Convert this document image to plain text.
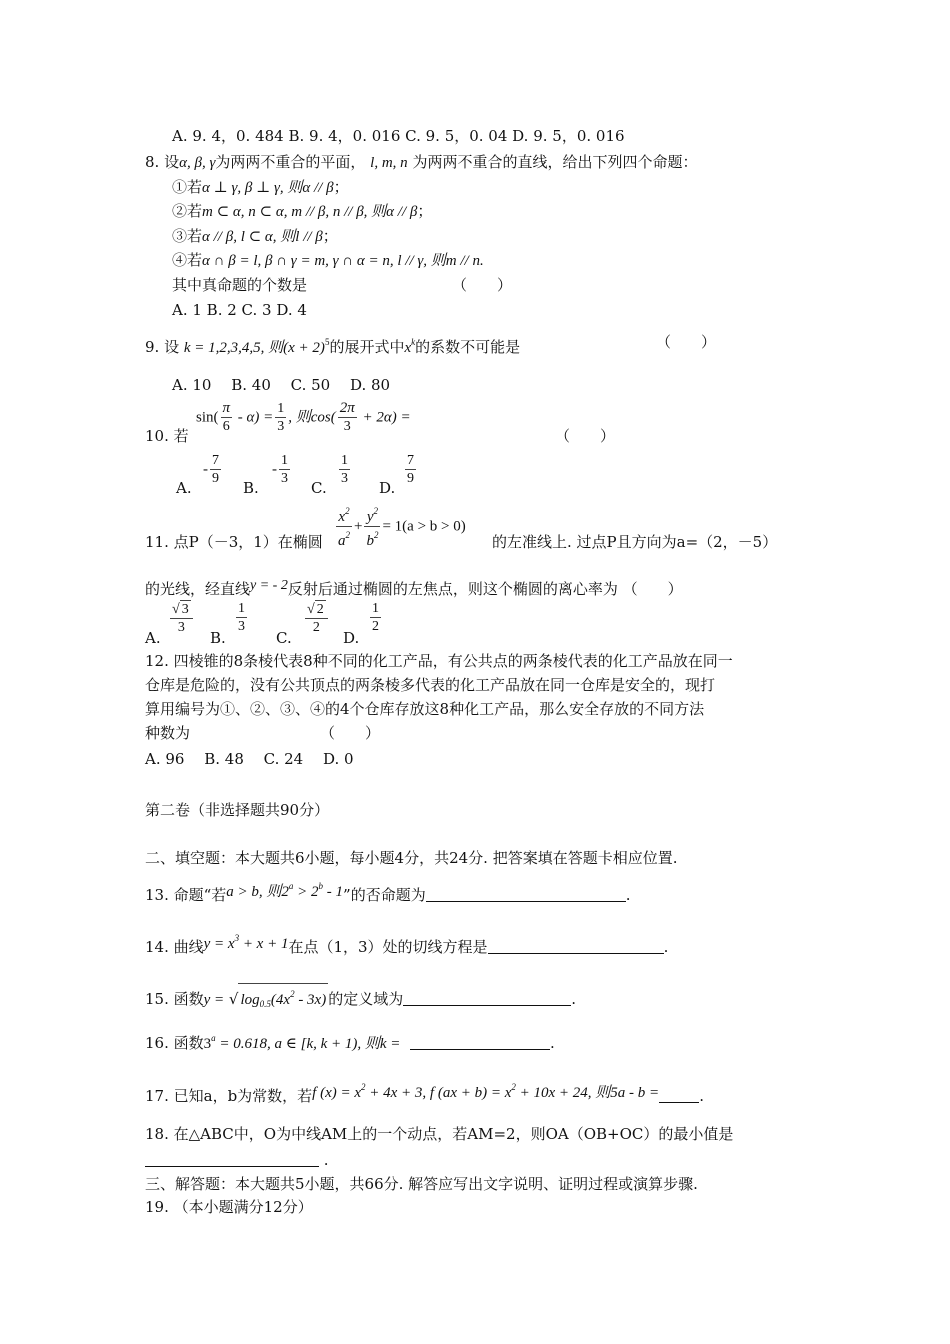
A. 9. 4，0. 484 B. 9. 4，0. 016 C. 9. 5，0. 04 D. 9. 5，0. 016
8. 设α, β, γ为两两不重合的平面， l, m, n 为两两不重合的直线，给出下列四个命题：
①若α ⊥ γ, β ⊥ γ, 则α // β；
②若m ⊂ α, n ⊂ α, m // β, n // β, 则α // β；
③若α // β, l ⊂ α, 则l // β；
④若α ∩ β = l, β ∩ γ = m, γ ∩ α = n, l // γ, 则m // n.
其中真命题的个数是	（　　）
A. 1 B. 2 C. 3 D. 4
9. 设 k = 1,2,3,4,5, 则$(x + 2)^5$的展开式中$x^k$的系数不可能是	（　　）
A. 10　 B. 40　 C. 50　 D. 80
10. 若
$\sin( \frac{\pi}{6} - \alpha) = \frac{1}{3}$ , 则$\cos( \frac{2\pi}{3} + 2\alpha)$ =
（　　）
A.
- $\frac{7}{9}$
B.
- $\frac{1}{3}$
C.
$\frac{1}{3}$
D.
$\frac{7}{9}$
11. 点P（－3，1）在椭圆 $\frac{x^2}{a^2} + \frac{y^2}{b^2} = 1(a > b > 0)$
的左准线上. 过点P且方向为a=（2，－5）
的光线，经直线y = - 2反射后通过椭圆的左焦点，则这个椭圆的离心率为 （　　）
A.
$\frac{√ 3}{3}$
B.
$\frac{1}{3}$
C.
$\frac{√ 2}{2}$
D.
$\frac{1}{2}$
12. 四棱锥的8条棱代表8种不同的化工产品，有公共点的两条棱代表的化工产品放在同一
仓库是危险的，没有公共顶点的两条棱多代表的化工产品放在同一仓库是安全的，现打
算用编号为①、②、③、④的4个仓库存放这8种化工产品，那么安全存放的不同方法
种数为	（　　）
A. 96　 B. 48　 C. 24　 D. 0
第二卷（非选择题共90分）
二、填空题：本大题共6小题，每小题4分，共24分. 把答案填在答题卡相应位置.
13. 命题“若a > b, 则$2^a > 2^b - 1$”的否命题为	.
14. 曲线$y = x^3 + x + 1$在点（1，3）处的切线方程是	.
15. 函数y = √ $\log_{0.5}(4x^2 - 3x)$ 的定义域为	.
16. 函数$3^a = 0.618$, a ∈ [k, k + 1), 则k =	.
17. 已知a，b为常数，若f $(x) = x^2 + 4x + 3$, f $(ax + b) = x^2 + 10x + 24$, 则5a - b =	.
18. 在△ABC中，O为中线AM上的一个动点，若AM=2，则OA（OB+OC）的最小值是
.
三、解答题：本大题共5小题，共66分. 解答应写出文字说明、证明过程或演算步骤.
19. （本小题满分12分）
